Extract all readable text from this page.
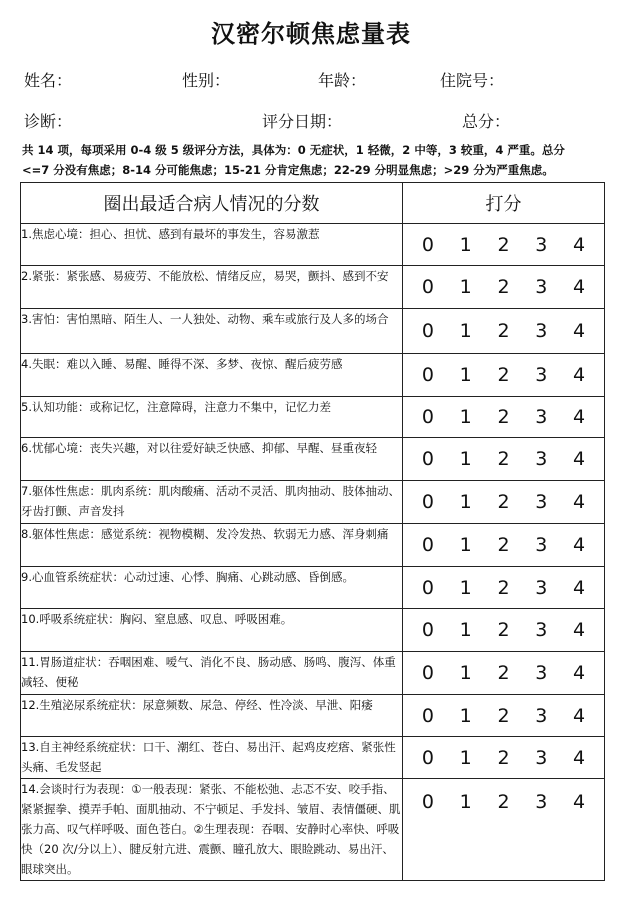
汉密尔顿焦虑量表
姓名：	性别：	年龄：	住院号：
诊断：	评分日期：	总分：
共 14 项，每项采用 0-4 级 5 级评分方法，具体为：0 无症状，1 轻微，2 中等，3 较重，4 严重。总分
<=7 分没有焦虑；8-14 分可能焦虑；15-21 分肯定焦虑；22-29 分明显焦虑；>29 分为严重焦虑。
圈出最适合病人情况的分数	打分
1.焦虑心境：担心、担忧、感到有最坏的事发生，容易激惹	0 1 2 3 4

2.紧张：紧张感、易疲劳、不能放松、情绪反应，易哭，颤抖、感到不安	0 1 2 3 4

3.害怕：害怕黑暗、陌生人、一人独处、动物、乘车或旅行及人多的场合	0 1 2 3 4

4.失眠：难以入睡、易醒、睡得不深、多梦、夜惊、醒后疲劳感	0 1 2 3 4

5.认知功能：或称记忆，注意障碍，注意力不集中，记忆力差	0 1 2 3 4

6.忧郁心境：丧失兴趣，对以往爱好缺乏快感、抑郁、早醒、昼重夜轻	0 1 2 3 4

7.躯体性焦虑：肌肉系统：肌肉酸痛、活动不灵活、肌肉抽动、肢体抽动、牙齿打颤、声音发抖	0 1 2 3 4

8.躯体性焦虑：感觉系统：视物模糊、发冷发热、软弱无力感、浑身刺痛	0 1 2 3 4

9.心血管系统症状：心动过速、心悸、胸痛、心跳动感、昏倒感。	0 1 2 3 4

10.呼吸系统症状：胸闷、窒息感、叹息、呼吸困难。	0 1 2 3 4

11.胃肠道症状：吞咽困难、嗳气、消化不良、肠动感、肠鸣、腹泻、体重减轻、便秘	0 1 2 3 4

12.生殖泌尿系统症状：尿意频数、尿急、停经、性冷淡、早泄、阳痿	0 1 2 3 4

13.自主神经系统症状：口干、潮红、苍白、易出汗、起鸡皮疙瘩、紧张性头痛、毛发竖起	0 1 2 3 4

14.会谈时行为表现：①一般表现：紧张、不能松弛、忐忑不安、咬手指、紧紧握拳、摸弄手帕、面肌抽动、不宁顿足、手发抖、皱眉、表情僵硬、肌张力高、叹气样呼吸、面色苍白。②生理表现：吞咽、安静时心率快、呼吸快（20 次/分以上）、腱反射亢进、震颤、瞳孔放大、眼睑跳动、易出汗、眼球突出。	0 1 2 3 4
